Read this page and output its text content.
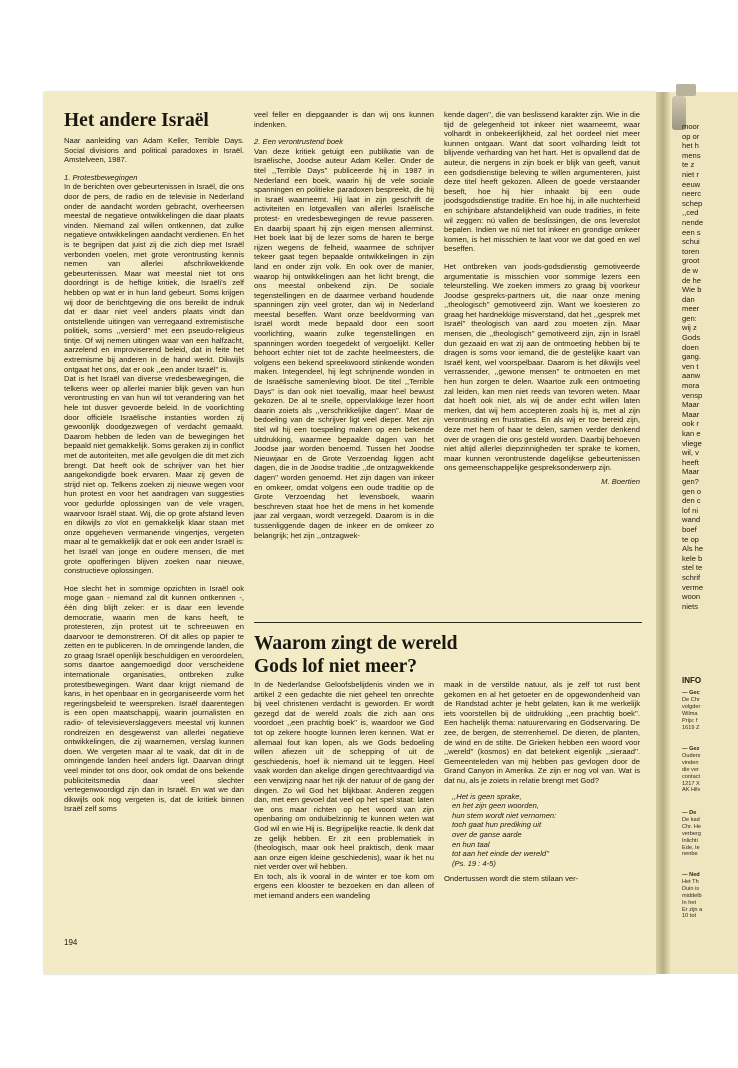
Het andere Israël

Naar aanleiding van Adam Keller, Terrible Days. Social divisions and political paradoxes in Israël. Amstelveen, 1987.

1. Protestbewegingen

In de berichten over gebeurtenissen in Israël, die ons door de pers, de radio en de televisie in Nederland onder de aandacht worden gebracht, overheersen meestal de negatieve ontwikkelingen die daar plaats vinden. Niemand zal willen ontkennen, dat zulke negatieve ontwikkelingen aandacht verdienen. En het is te begrijpen dat juist zij die zich diep met Israël verbonden voelen, met grote verontrusting kennis nemen van allerlei afschrikwekkende gebeurtenissen. Maar wat meestal niet tot ons doordringt is de heftige kritiek, die Israëli's zelf hebben op wat er in hun land gebeurt. Soms krijgen wij door de berichtgeving die ons bereikt de indruk dat er daar niet veel anders plaats vindt dan ontstellende uitingen van verregaand extremistische politiek, soms ,,versierd'' met een pseudo-religieus tintje. Of wij nemen uitingen waar van een halfzacht, aarzelend en improviserend beleid, dat in feite het extremisme bij anderen in de hand werkt. Dikwijls ontgaat het ons, dat er ook ,,een ander Israël'' is.

Dat is het Israël van diverse vredesbewegingen, die telkens weer op allerlei manier blijk geven van hun verontrusting en van hun wil tot verandering van het hele tot dusver gevoerde beleid. In de voorlichting door officiële Israëlische instanties worden zij gewoonlijk doodgezwegen of verdacht gemaakt. Daarom hebben de leden van de bewegingen het bepaald niet gemakkelijk. Soms geraken zij in conflict met de autoriteiten, met alle gevolgen die dit met zich brengt. Dat heeft ook de schrijver van het hier aangekondigde boek ervaren. Maar zij geven de strijd niet op. Telkens zoeken zij nieuwe wegen voor hun protest en voor het aandragen van suggesties voor gedurfde oplossingen van de vele vragen, waarvoor Israël staat. Wij, die op grote afstand leven en dikwijls zo vlot en gemakkelijk klaar staan met onze opgeheven vermanende vingertjes, vergeten maar al te gemakkelijk dat er ook een ander Israël is: het Israël van jonge en oudere mensen, die met grote opofferingen blijven zoeken naar nieuwe, constructieve oplossingen.

Hoe slecht het in sommige opzichten in Israël ook moge gaan - niemand zal dit kunnen ontkennen -, één ding blijft zeker: er is daar een levende democratie, waarin men de kans heeft, te protesteren, zijn protest uit te schreeuwen en daarvoor te demonstreren. Of dit alles op papier te zetten en te publiceren. In de omringende landen, die zo graag Israël openlijk beschuldigen en veroordelen, soms daartoe aangemoedigd door verscheidene internationale organisaties, ontbreken zulke protestbewegingen. Want daar krijgt niemand de kans, in het openbaar en in georganiseerde vorm het regeringsbeleid te weerspreken. Israël daarentegen is een open maatschappij, waarin journalisten en radio- of televisieverslaggevers meestal vrij kunnen rondreizen en desgewenst van allerlei negatieve ontwikkelingen, die zij waarnemen, verslag kunnen doen. We vergeten maar al te vaak, dat dit in de omringende landen heel anders ligt. Daarvan dringt veel minder tot ons door, ook omdat de ons bekende publiciteitsmedia daar veel slechter vertegenwoordigd zijn dan in Israël. En wat we dan dikwijls ook nog vergeten is, dat de kritiek binnen Israël zelf soms

veel feller en diepgaander is dan wij ons kunnen indenken.

2. Een verontrustend boek

Van deze kritiek getuigt een publikatie van de Israëlische, Joodse auteur Adam Keller. Onder de titel ,,Terrible Days'' publiceerde hij in 1987 in Nederland een boek, waarin hij de vele sociale spanningen en politieke paradoxen bespreekt, die hij in Israël waarneemt. Hij laat in zijn geschrift de activiteiten en lotgevallen van allerlei Israëlische protest- en vredesbewegingen de revue passeren. En daarbij spaart hij zijn eigen mensen allerminst. Het boek laat bij de lezer soms de haren te berge rijzen wegens de felheid, waarmee de schrijver tekeer gaat tegen bepaalde ontwikkelingen in zijn land en onder zijn volk. En ook over de manier, waarop hij ontwikkelingen aan het licht brengt, die ons meestal onbekend zijn. De sociale tegenstellingen en de daarmee verband houdende spanningen zijn veel groter, dan wij in Nederland meestal beseffen. Want onze beeldvorming van Israël wordt mede bepaald door een soort voorlichting, waarin zulke tegenstellingen en spanningen worden toegedekt of vergoelijkt. Keller behoort echter niet tot de zachte heelmeesters, die volgens een bekend spreekwoord stinkende wonden maken. Integendeel, hij legt schrijnende wonden in de Israëlische samenleving bloot. De titel ,,Terrible Days'' is dan ook niet toevallig, maar heel bewust gekozen. De al te snelle, oppervlakkige lezer hoort daarin zoiets als ,,verschrikkelijke dagen''. Maar de bedoeling van de schrijver ligt veel dieper. Met zijn titel wil hij een toespeling maken op een bekende uitdrukking, waarmee bepaalde dagen van het Joodse jaar worden benoemd. Tussen het Joodse Nieuwjaar en de Grote Verzoendag liggen acht dagen, die in de Joodse traditie ,,de ontzagwekkende dagen'' worden genoemd. Het zijn dagen van inkeer en omkeer, omdat volgens een oude traditie op de Grote Verzoendag het levensboek, waarin beschreven staat hoe het de mens in het komende jaar zal vergaan, wordt verzegeld. Daarom is in die tussenliggende dagen de inkeer en de omkeer zo belangrijk; het zijn ,,ontzagwek-

kende dagen'', die van beslissend karakter zijn. Wie in die tijd de gelegenheid tot inkeer niet waarneemt, waar volhardt in onbekeerlijkheid, zal het oordeel niet meer kunnen ontgaan. Want dat soort volharding leidt tot blijvende verharding van het hart. Het is opvallend dat de auteur, die nergens in zijn boek er blijk van geeft, vanuit een godsdienstige beleving te willen argumenteren, juist deze titel heeft gekozen. Alleen de goede verstaander beseft, hoe hij hier inhaakt bij een oude joodsgodsdienstige traditie. En hoe hij, in alle nuchterheid en schijnbare afstandelijkheid van oude tradities, in feite wil zeggen: nú vallen de beslissingen, die ons levenslot bepalen. Indien we nú niet tot inkeer en grondige omkeer komen, is het misschien te laat voor we dat goed en wel beseffen.

Het ontbreken van joods-godsdienstig gemotiveerde argumentatie is misschien voor sommige lezers een teleurstelling. We zoeken immers zo graag bij voorkeur Joodse gespreks-partners uit, die naar onze mening ,,theologisch'' gemotiveerd zijn. Want we koesteren zo graag het hardnekkige misverstand, dat het ,,gesprek met Israël'' theologisch van aard zou moeten zijn. Maar mensen, die ,,theologisch'' gemotiveerd zijn, zijn in Israël dun gezaaid en wat zij aan de ontmoeting hebben bij te dragen is soms voor iemand, die de gestelijke kaart van Israël kent, wel voorspelbaar. Daarom is het dikwijls veel verrassender, ,,gewone mensen'' te ontmoeten en met hen hun zorgen te delen. Waartoe zulk een ontmoeting zal leiden, kan men niet reeds van tevoren weten. Maar dat hoeft ook niet, als wij de ander echt willen laten merken, dat wij hem accepteren zoals hij is, met al zijn verontrusting en frustraties. En als wij er toe bereid zijn, deze met hem of haar te delen, samen verder denkend over de vragen die ons gesteld worden. Daarbij behoeven niet altijd allerlei diepzinnigheden ter sprake te komen, maar kunnen verontrustende dagelijkse gebeurtenissen ons gemeenschappelijke gespreksonderwerp zijn.

M. Boertien
Waarom zingt de wereld Gods lof niet meer?

In de Nederlandse Geloofsbelijdenis vinden we in artikel 2 een gedachte die niet geheel ten onrechte bij veel christenen verdacht is geworden. Er wordt gezegd dat de wereld zoals die zich aan ons voordoet ,,een prachtig boek'' is, waardoor we God tot op zekere hoogte kunnen leren kennen. Wat er allemaal fout kan lopen, als we Gods bedoeling willen afiezen uit de schepping of uit de geschiedenis, hoef ik niemand uit te leggen. Heel vaak worden dan akelige dingen gerechtvaardigd via een verwijzing naar het rijk der natuur of de gang der dingen. Zo wil God het blijkbaar. Anderen zeggen dan, met een gevoel dat veel op het spel staat: laten we ons maar richten op het woord van zijn openbaring om onduibelzinnig te kunnen weten wat God wil en wie Hij is. Begrijpelijke reactie. Ik denk dat ze gelijk hebben. Er zit een problematiek in (theologisch, maar ook heel praktisch, denk maar aan onze eigen kleine geschiedenis), waar ik het nu niet verder over wil hebben.

En toch, als ik vooral in de winter er toe kom om ergens een klooster te bezoeken en dan alleen of met iemand anders een wandeling

maak in de verstilde natuur, als je zelf tot rust bent gekomen en al het getoeter en de opgewondenheid van de Randstad achter je hebt gelaten, kan ik me werkelijk iets voorstellen bij de uitdrukking ,,een prachtig boek''. Een hachelijk thema: natuurervaring en Godservaring. De zee, de bergen, de sterrenhemel. De dieren, de planten, de wind en de stilte. De Grieken hebben een woord voor ,,wereld'' (kosmos) en dat betekent eigenlijk ,,sieraad''. Gemeenteleden van mij hebben pas gevlogen door de Grand Canyon in Amerika. Ze zijn er nog vol van. Wat is dat nu, als je zoiets in relatie brengt met God?

,,Het is geen sprake,
en het zijn geen woorden,
hun stem wordt niet vernomen:
toch gaat hun prediking uit
over de ganse aarde
en hun taal
tot aan het einde der wereld''
(Ps. 19 : 4-5)

Ondertussen wordt die stem stilaan ver-

194
moor
op or
het h
mens
te z
niet r
eeuw
neerc
schep
,,ced
nende
een s
schui
toren
groot
de w
de he
Wie b
dan
meer
gen:
wij z
Gods
doen
gang.
ven t
aanw
mora
vensp
Maar
Maar
ook r
kan e
vliege
wil, v
heeft
Maar
gen?
gen o
den c
lof ni
wand
boef
te op
Als he
kele b
stel te
schrif
verme
woon
niets
INFO
— Gec
De Chr
volgder
Wilma
Prijs: f
1619 Z
— Gez
Ouders
vinden
die ver
contact
1217 X
AK Hilv
— De
De kad
Chr. He
verberg
Inlichti
Ede, te
nenbe
— Ned
Het Th
Duin is
middelb
In het
Er zijn a
10 tot
